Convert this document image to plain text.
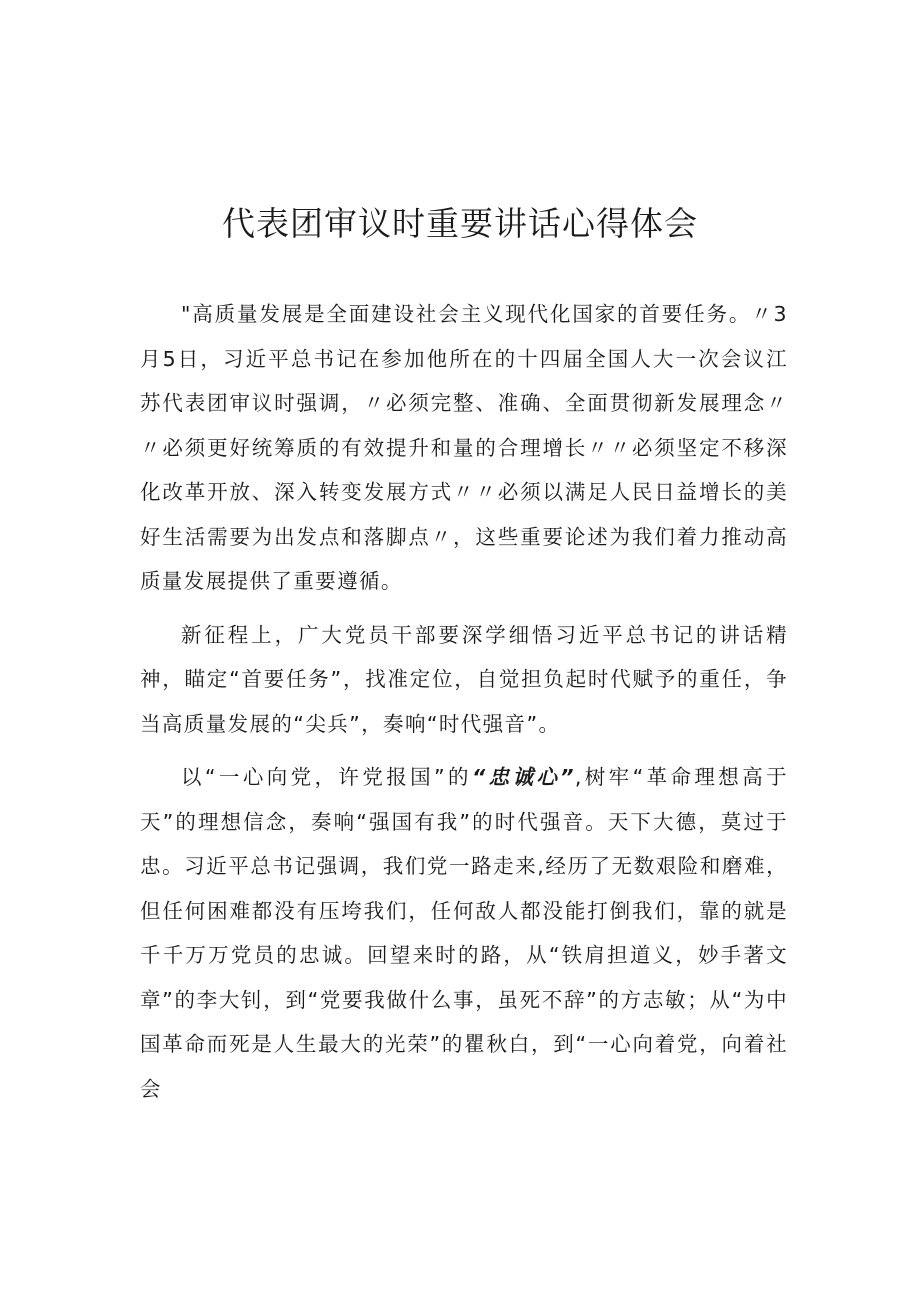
代表团审议时重要讲话心得体会

"高质量发展是全面建设社会主义现代化国家的首要任务。〃3月5日，习近平总书记在参加他所在的十四届全国人大一次会议江苏代表团审议时强调，〃必须完整、准确、全面贯彻新发展理念〃〃必须更好统筹质的有效提升和量的合理增长〃〃必须坚定不移深化改革开放、深入转变发展方式〃〃必须以满足人民日益增长的美好生活需要为出发点和落脚点〃，这些重要论述为我们着力推动高质量发展提供了重要遵循。

新征程上，广大党员干部要深学细悟习近平总书记的讲话精神，瞄定“首要任务”，找准定位，自觉担负起时代赋予的重任，争当高质量发展的“尖兵”，奏响“时代强音”。

以“一心向党，许党报国”的“忠诚心”,树牢“革命理想高于天”的理想信念，奏响“强国有我”的时代强音。天下大德，莫过于忠。习近平总书记强调，我们党一路走来,经历了无数艰险和磨难，但任何困难都没有压垮我们，任何敌人都没能打倒我们，靠的就是千千万万党员的忠诚。回望来时的路，从“铁肩担道义，妙手著文章”的李大钊，到“党要我做什么事，虽死不辞”的方志敏；从“为中国革命而死是人生最大的光荣”的瞿秋白，到“一心向着党，向着社会
